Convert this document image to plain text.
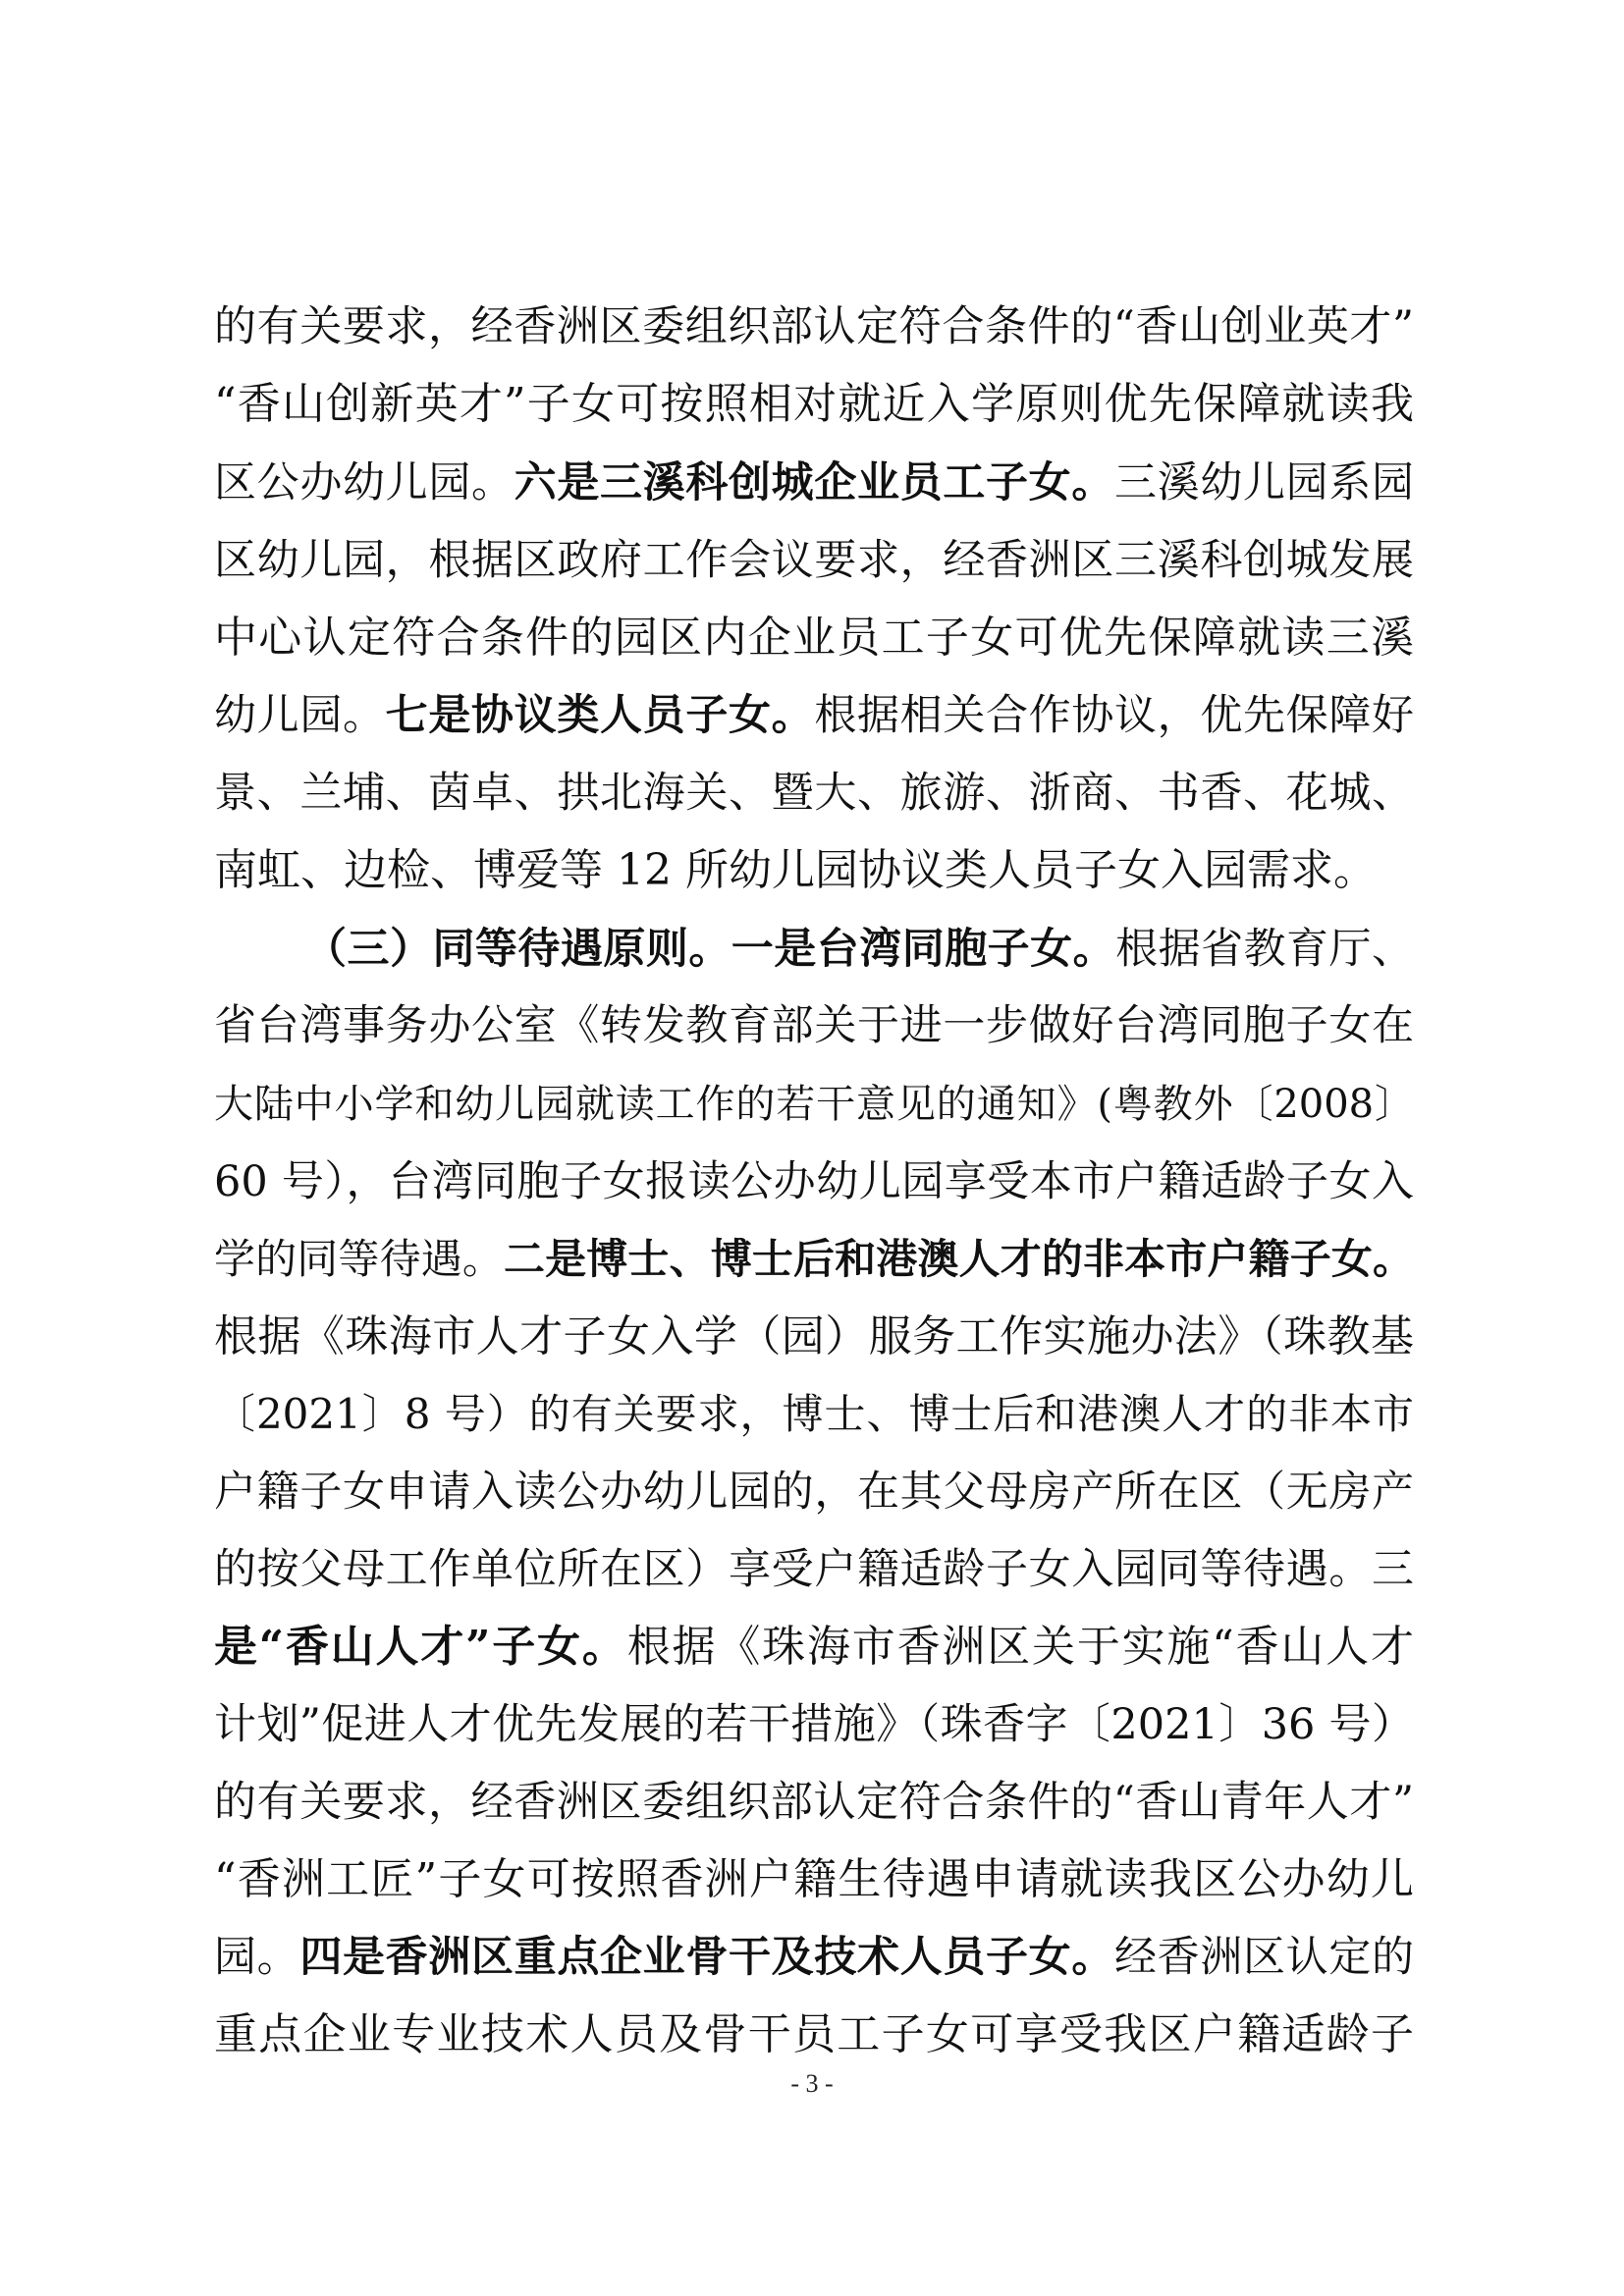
的有关要求，经香洲区委组织部认定符合条件的“香山创业英才”
“香山创新英才”子女可按照相对就近入学原则优先保障就读我
区公办幼儿园。六是三溪科创城企业员工子女。三溪幼儿园系园
区幼儿园，根据区政府工作会议要求，经香洲区三溪科创城发展
中心认定符合条件的园区内企业员工子女可优先保障就读三溪
幼儿园。七是协议类人员子女。根据相关合作协议，优先保障好
景、兰埔、茵卓、拱北海关、暨大、旅游、浙商、书香、花城、
南虹、边检、博爱等 12 所幼儿园协议类人员子女入园需求。
（三）同等待遇原则。一是台湾同胞子女。根据省教育厅、
省台湾事务办公室《转发教育部关于进一步做好台湾同胞子女在
大陆中小学和幼儿园就读工作的若干意见的通知》(粤教外〔2008〕
60 号），台湾同胞子女报读公办幼儿园享受本市户籍适龄子女入
学的同等待遇。二是博士、博士后和港澳人才的非本市户籍子女。
根据《珠海市人才子女入学（园）服务工作实施办法》（珠教基
〔2021〕8 号）的有关要求，博士、博士后和港澳人才的非本市
户籍子女申请入读公办幼儿园的，在其父母房产所在区（无房产
的按父母工作单位所在区）享受户籍适龄子女入园同等待遇。三
是“香山人才”子女。根据《珠海市香洲区关于实施“香山人才
计划”促进人才优先发展的若干措施》（珠香字〔2021〕36 号）
的有关要求，经香洲区委组织部认定符合条件的“香山青年人才”
“香洲工匠”子女可按照香洲户籍生待遇申请就读我区公办幼儿
园。四是香洲区重点企业骨干及技术人员子女。经香洲区认定的
重点企业专业技术人员及骨干员工子女可享受我区户籍适龄子
- 3 -
